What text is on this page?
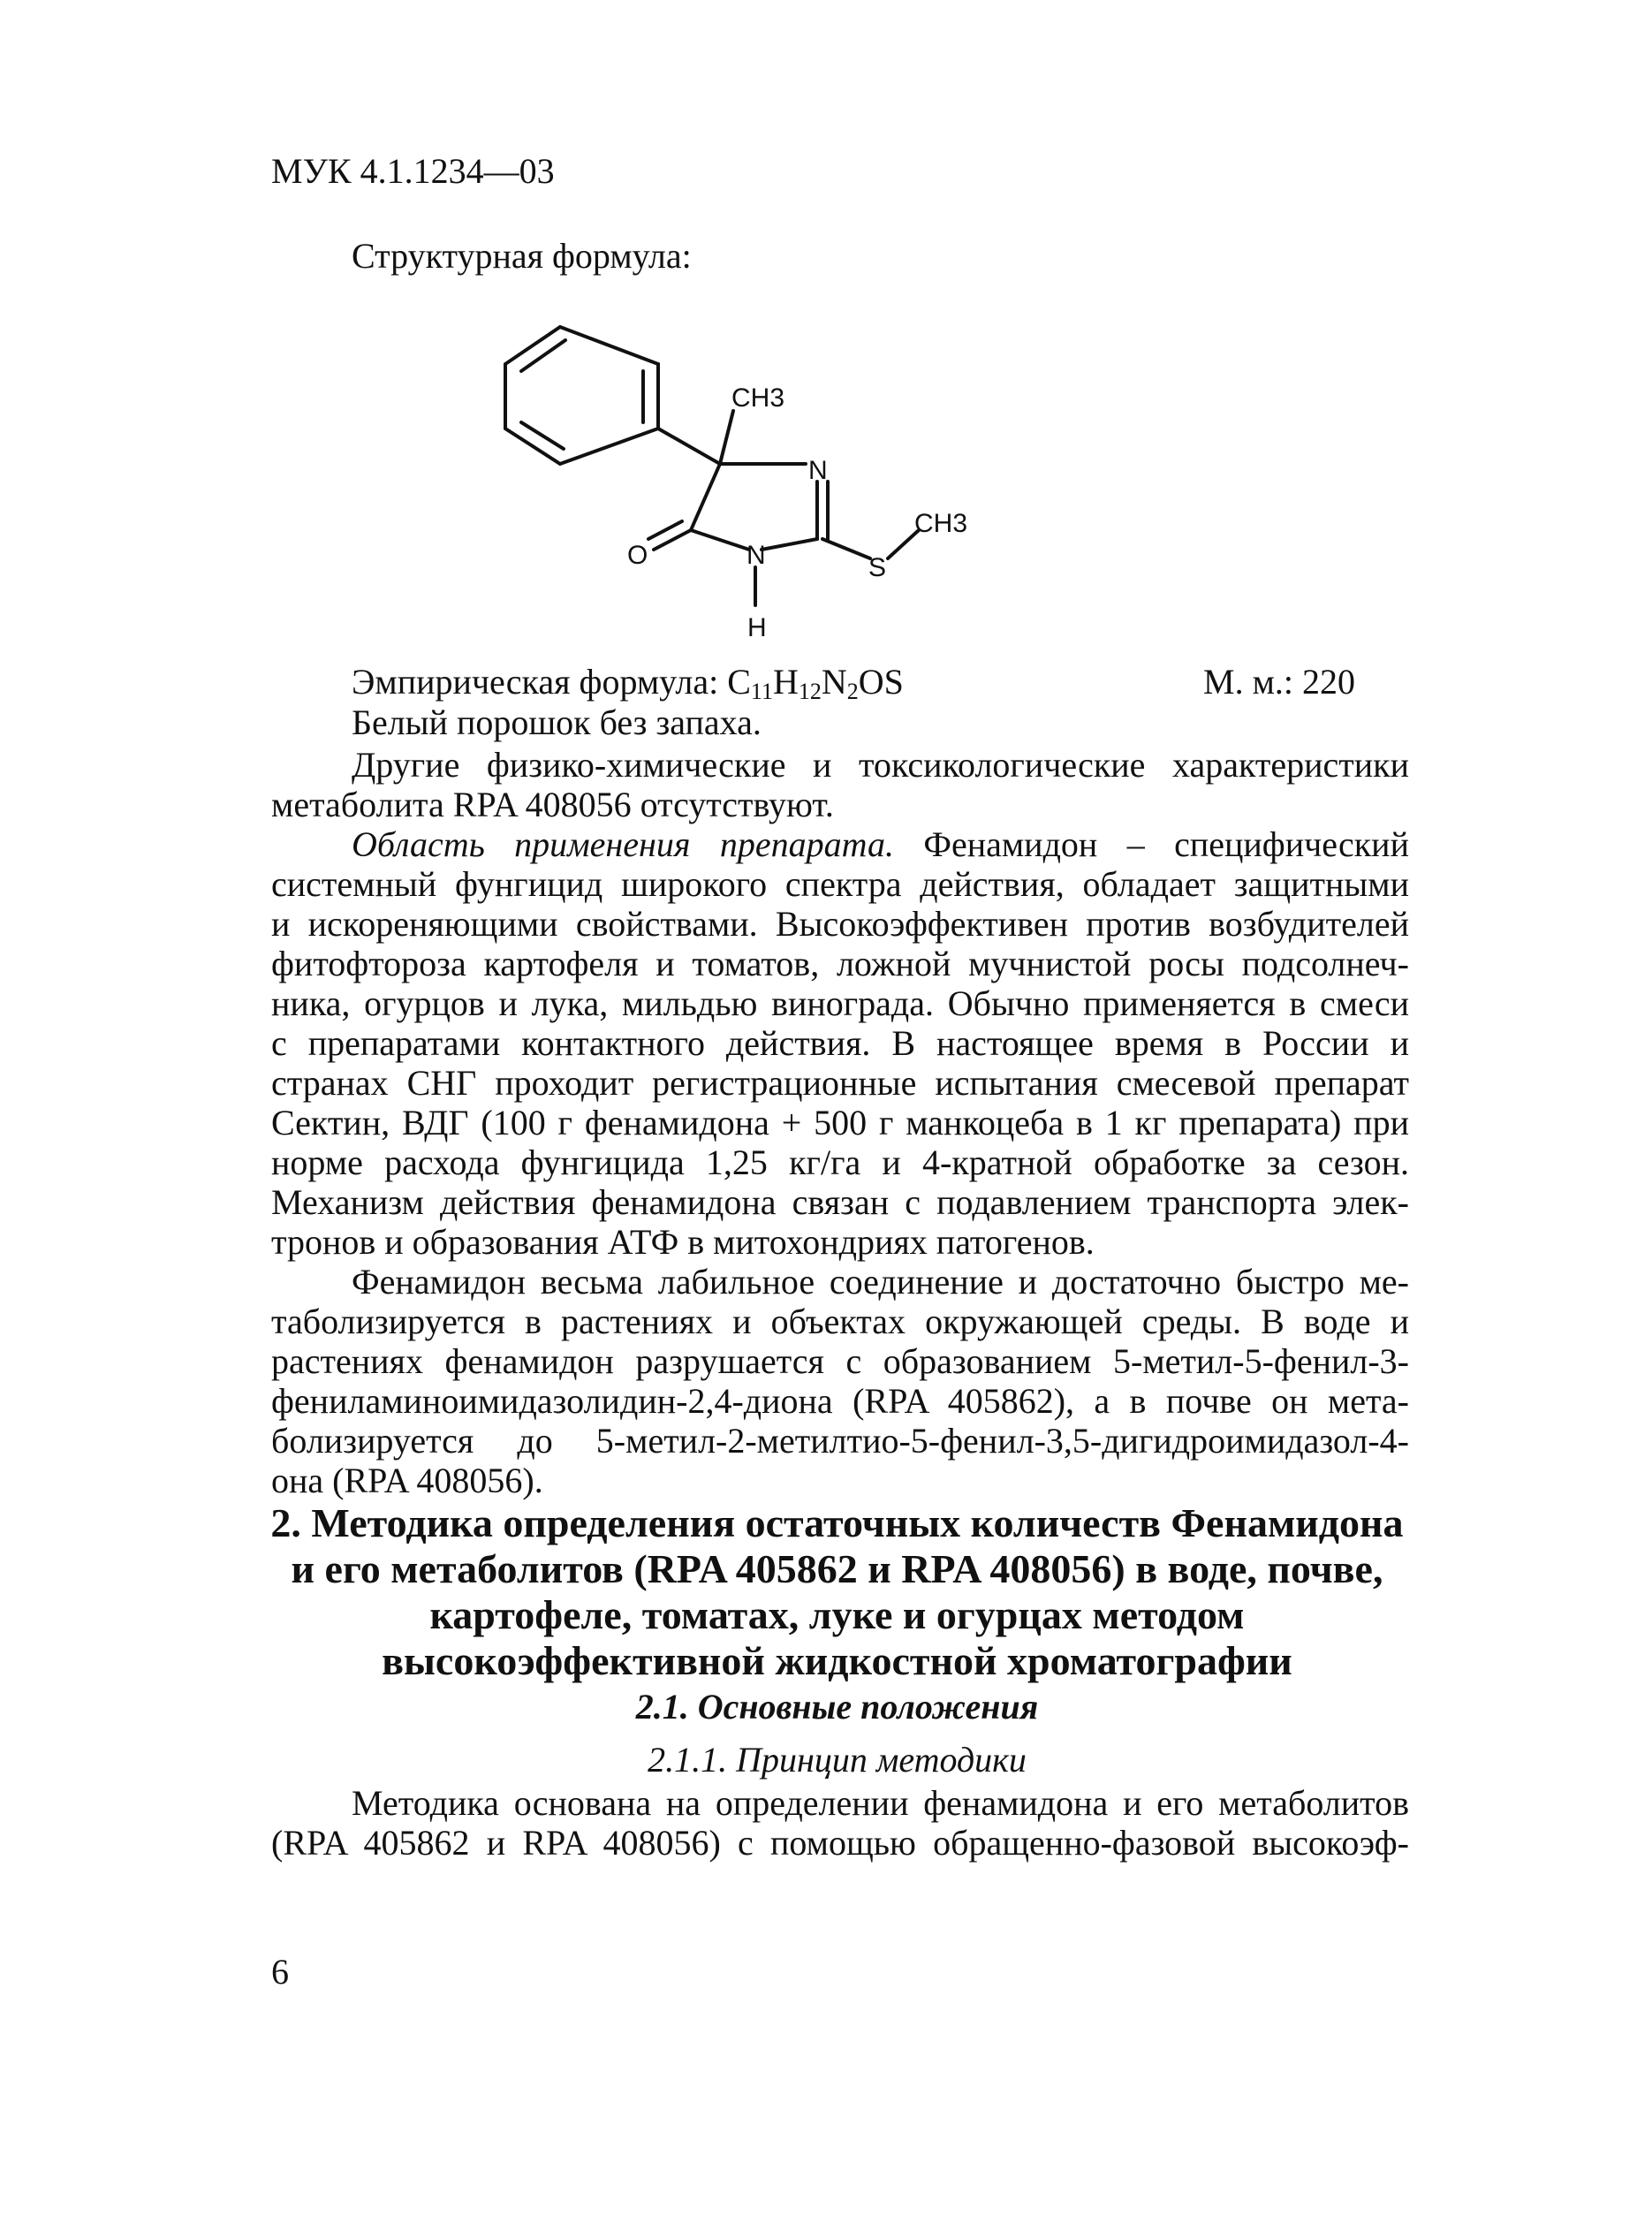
МУК 4.1.1234—03
Структурная формула:
CH3
N
CH3
S
O	N
H
Эмпирическая формула: $C_{11}H_{12}N_2OS$	М. м.: 220
Белый порошок без запаха.
Другие физико-химические и токсикологические характеристики
метаболита RPA 408056 отсутствуют.
Область применения препарата. Фенамидон – специфический
системный фунгицид широкого спектра действия, обладает защитными
и искореняющими свойствами. Высокоэффективен против возбудителей
фитофтороза картофеля и томатов, ложной мучнистой росы подсолнеч-
ника, огурцов и лука, мильдью винограда. Обычно применяется в смеси
с препаратами контактного действия. В настоящее время в России и
странах СНГ проходит регистрационные испытания смесевой препарат
Сектин, ВДГ (100 г фенамидона + 500 г манкоцеба в 1 кг препарата) при
норме расхода фунгицида 1,25 кг/га и 4-кратной обработке за сезон.
Механизм действия фенамидона связан с подавлением транспорта элек-
тронов и образования АТФ в митохондриях патогенов.
Фенамидон весьма лабильное соединение и достаточно быстро ме-
таболизируется в растениях и объектах окружающей среды. В воде и
растениях фенамидон разрушается с образованием 5-метил-5-фенил-3-
фениламиноимидазолидин-2,4-диона (RPA 405862), а в почве он мета-
болизируется до 5-метил-2-метилтио-5-фенил-3,5-дигидроимидазол-4-
она (RPA 408056).
2. Методика определения остаточных количеств Фенамидона
и его метаболитов (RPA 405862 и RPA 408056) в воде, почве,
картофеле, томатах, луке и огурцах методом
высокоэффективной жидкостной хроматографии
2.1. Основные положения
2.1.1. Принцип методики
Методика основана на определении фенамидона и его метаболитов
(RPA 405862 и RPA 408056) с помощью обращенно-фазовой высокоэф-
6
